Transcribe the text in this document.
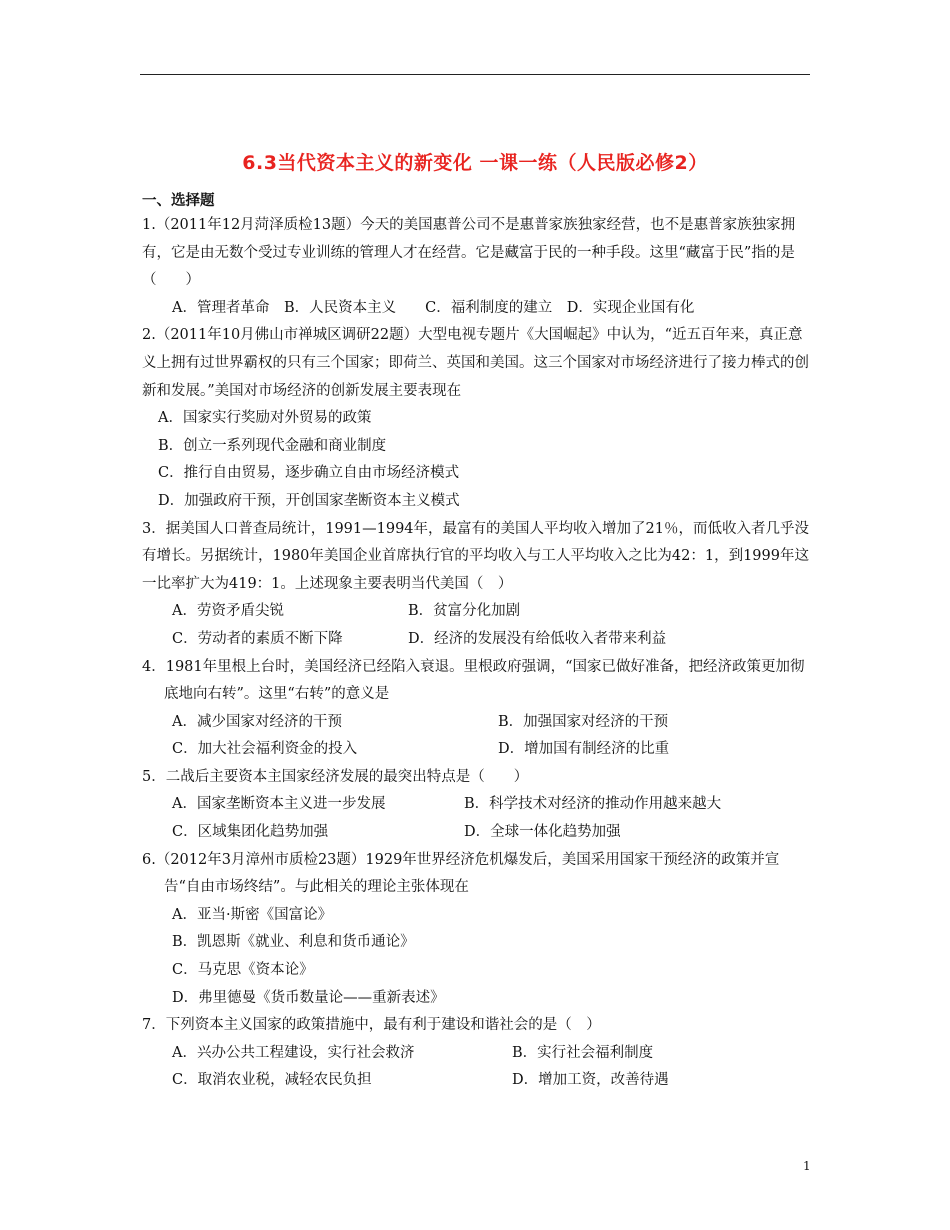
6.3当代资本主义的新变化 一课一练（人民版必修2）
一、选择题
1.（2011年12月菏泽质检13题）今天的美国惠普公司不是惠普家族独家经营，也不是惠普家族独家拥有，它是由无数个受过专业训练的管理人才在经营。它是藏富于民的一种手段。这里“藏富于民”指的是（　　）
A．管理者革命　B．人民资本主义　　C．福利制度的建立　D．实现企业国有化
2.（2011年10月佛山市禅城区调研22题）大型电视专题片《大国崛起》中认为，“近五百年来，真正意义上拥有过世界霸权的只有三个国家；即荷兰、英国和美国。这三个国家对市场经济进行了接力棒式的创新和发展。”美国对市场经济的创新发展主要表现在
A．国家实行奖励对外贸易的政策
B．创立一系列现代金融和商业制度
C．推行自由贸易，逐步确立自由市场经济模式
D．加强政府干预，开创国家垄断资本主义模式
3．据美国人口普查局统计，1991—1994年，最富有的美国人平均收入增加了21％，而低收入者几乎没有增长。另据统计，1980年美国企业首席执行官的平均收入与工人平均收入之比为42：1，到1999年这一比率扩大为419：1。上述现象主要表明当代美国（　）
A．劳资矛盾尖锐	B．贫富分化加剧
C．劳动者的素质不断下降	D．经济的发展没有给低收入者带来利益
4．1981年里根上台时，美国经济已经陷入衰退。里根政府强调，“国家已做好准备，把经济政策更加彻底地向右转”。这里“右转”的意义是
A．减少国家对经济的干预	B．加强国家对经济的干预
C．加大社会福利资金的投入	D．增加国有制经济的比重
5．二战后主要资本主国家经济发展的最突出特点是（　　）
A．国家垄断资本主义进一步发展	B．科学技术对经济的推动作用越来越大
C．区域集团化趋势加强	D．全球一体化趋势加强
6.（2012年3月漳州市质检23题）1929年世界经济危机爆发后，美国采用国家干预经济的政策并宣告“自由市场终结”。与此相关的理论主张体现在
A．亚当·斯密《国富论》
B．凯恩斯《就业、利息和货币通论》
C．马克思《资本论》
D．弗里德曼《货币数量论——重新表述》
7．下列资本主义国家的政策措施中，最有利于建设和谐社会的是（　）
A．兴办公共工程建设，实行社会救济	B．实行社会福利制度
C．取消农业税，减轻农民负担	D．增加工资，改善待遇
1
